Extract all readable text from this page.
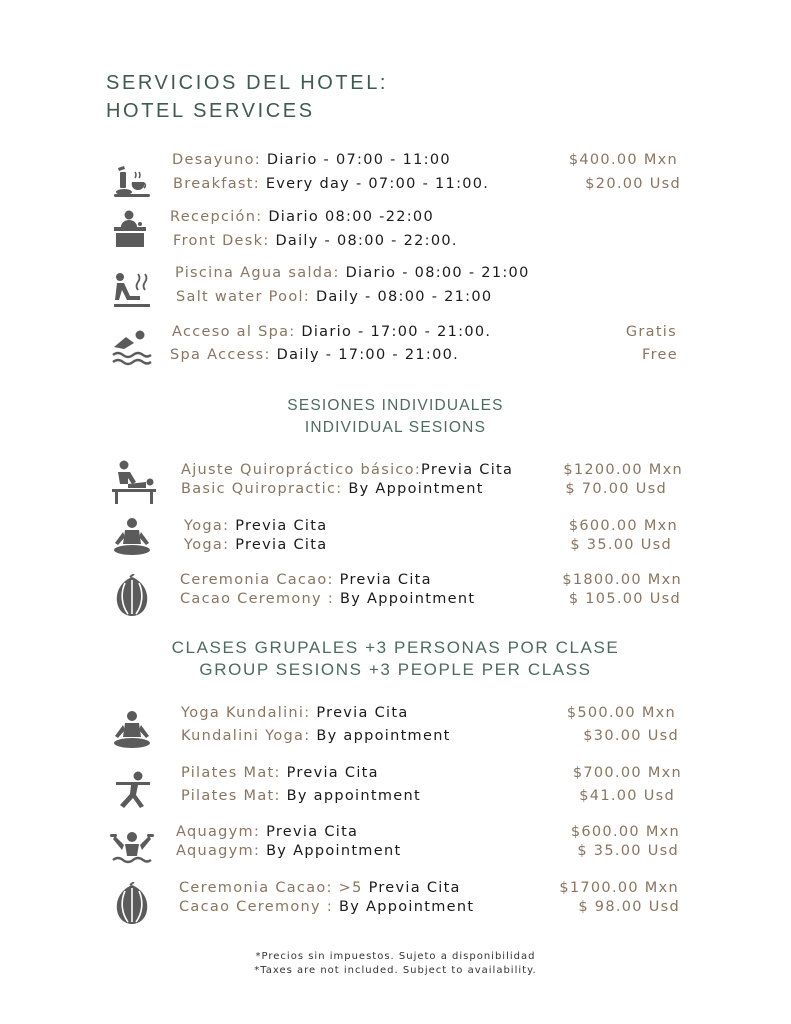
SERVICIOS DEL HOTEL:
HOTEL SERVICES
Desayuno: Diario - 07:00 - 11:00
Breakfast: Every day - 07:00 - 11:00.
$400.00 Mxn
$20.00 Usd
Recepción: Diario 08:00 -22:00
Front Desk: Daily - 08:00 - 22:00.
Piscina Agua salda: Diario - 08:00 - 21:00
Salt water Pool: Daily - 08:00 - 21:00
Acceso al Spa: Diario - 17:00 - 21:00.
Spa Access: Daily - 17:00 - 21:00.
Gratis
Free
SESIONES INDIVIDUALES
INDIVIDUAL SESIONS
Ajuste Quiropráctico básico:Previa Cita
Basic Quiropractic: By Appointment
$1200.00 Mxn
$ 70.00 Usd
Yoga: Previa Cita
Yoga: Previa Cita
$600.00 Mxn
$ 35.00 Usd
Ceremonia Cacao: Previa Cita
Cacao Ceremony : By Appointment
$1800.00 Mxn
$ 105.00 Usd
CLASES GRUPALES +3 PERSONAS POR CLASE
GROUP SESIONS +3 PEOPLE PER CLASS
Yoga Kundalini: Previa Cita
Kundalini Yoga: By appointment
$500.00 Mxn
$30.00 Usd
Pilates Mat: Previa Cita
Pilates Mat: By appointment
$700.00 Mxn
$41.00 Usd
Aquagym: Previa Cita
Aquagym: By Appointment
$600.00 Mxn
$ 35.00 Usd
Ceremonia Cacao: >5 Previa Cita
Cacao Ceremony : By Appointment
$1700.00 Mxn
$ 98.00 Usd
*Precios sin impuestos. Sujeto a disponibilidad
*Taxes are not included. Subject to availability.
